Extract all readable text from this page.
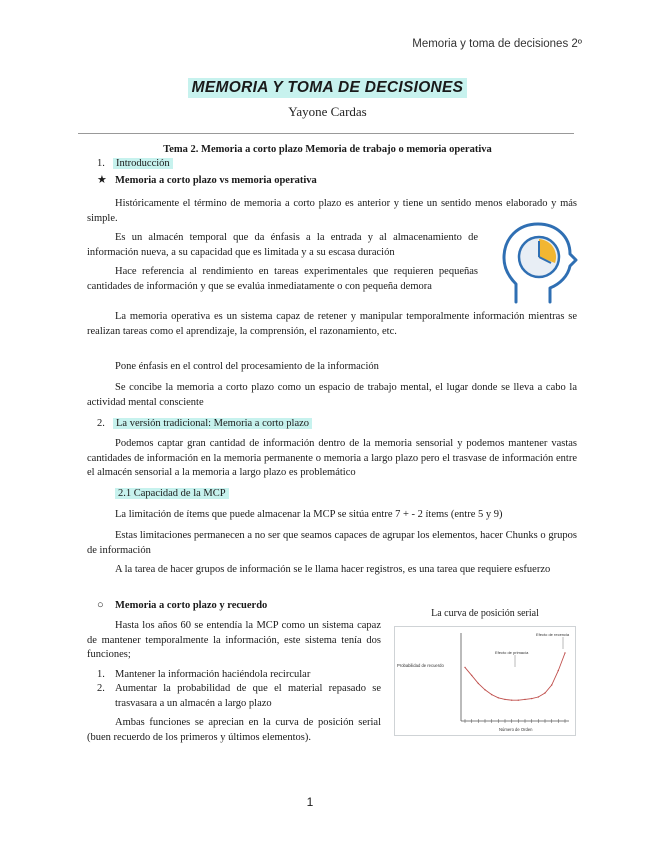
Memoria y toma de decisiones 2º
MEMORIA Y TOMA DE DECISIONES
Yayone Cardas
Tema 2. Memoria a corto plazo Memoria de trabajo o memoria operativa
1. Introducción
★ Memoria a corto plazo vs memoria operativa

Históricamente el término de memoria a corto plazo es anterior y tiene un sentido menos elaborado y más simple.

Es un almacén temporal que da énfasis a la entrada y al almacenamiento de información nueva, a su capacidad que es limitada y a su escasa duración

Hace referencia al rendimiento en tareas experimentales que requieren pequeñas cantidades de información y que se evalúa inmediatamente o con pequeña demora

La memoria operativa es un sistema capaz de retener y manipular temporalmente información mientras se realizan tareas como el aprendizaje, la comprensión, el razonamiento, etc.

Pone énfasis en el control del procesamiento de la información

Se concibe la memoria a corto plazo como un espacio de trabajo mental, el lugar donde se lleva a cabo la actividad mental consciente

2. La versión tradicional: Memoria a corto plazo

Podemos captar gran cantidad de información dentro de la memoria sensorial y podemos mantener vastas cantidades de información en la memoria permanente o memoria a largo plazo pero el trasvase de información entre el almacén sensorial a la memoria a largo plazo es problemático

2.1 Capacidad de la MCP

La limitación de ítems que puede almacenar la MCP se sitúa entre 7 + - 2 ítems (entre 5 y 9)

Estas limitaciones permanecen a no ser que seamos capaces de agrupar los elementos, hacer Chunks o grupos de información

A la tarea de hacer grupos de información se le llama hacer registros, es una tarea que requiere esfuerzo

○ Memoria a corto plazo y recuerdo

Hasta los años 60 se entendía la MCP como un sistema capaz de mantener temporalmente la información, este sistema tenía dos funciones;

1. Mantener la información haciéndola recircular
2. Aumentar la probabilidad de que el material repasado se trasvasara a un almacén a largo plazo

Ambas funciones se aprecian en la curva de posición serial (buen recuerdo de los primeros y últimos elementos).

La curva de posición serial
Probabilidad de recuerdo
Número de Orden
Efecto de primacía
Efecto de recencia
1
